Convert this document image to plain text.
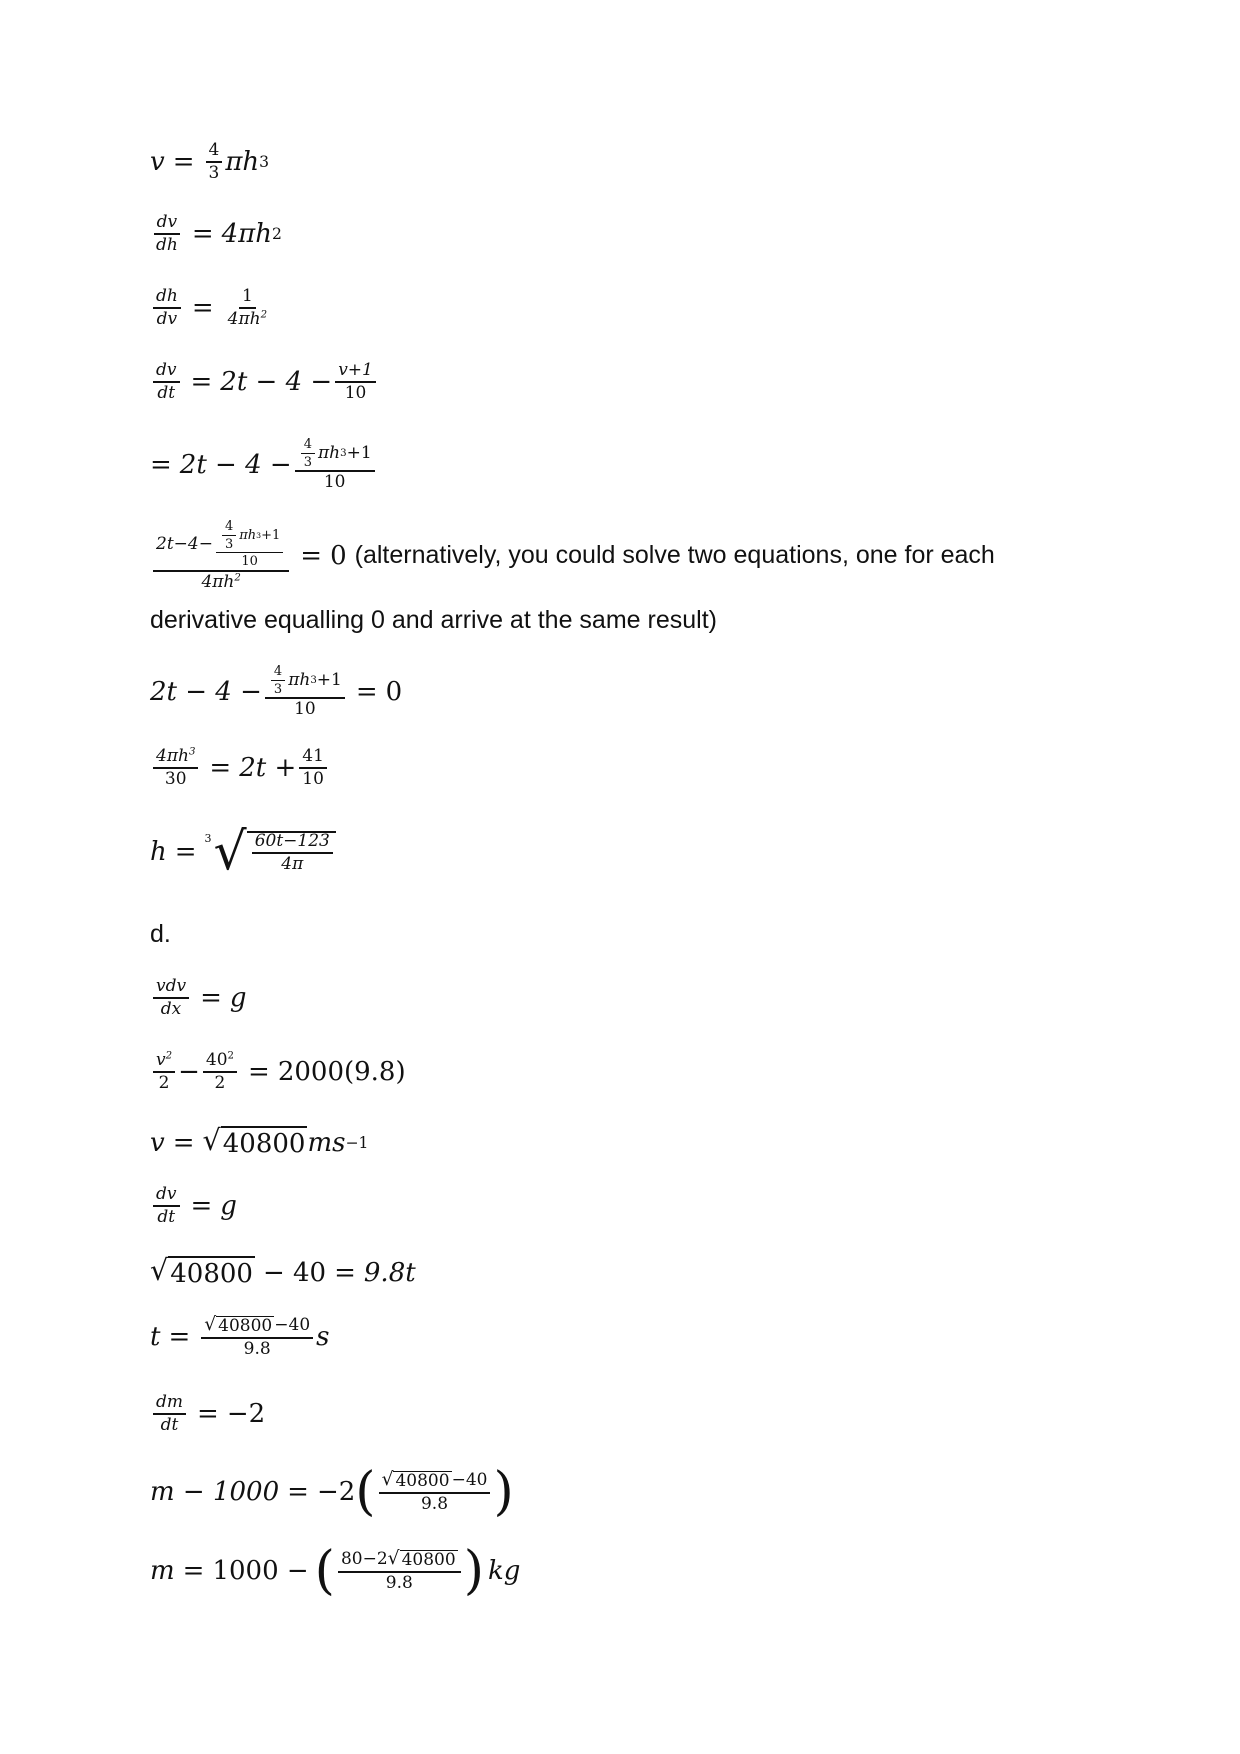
$v = \frac{4}{3}$ πh 3
$\frac{dv}{dh} = 4\pi h$ 2
$\frac{dh}{dv} = \frac{1}{4\pi h^2}$
$\frac{dv}{dt} = 2t - 4 - \frac{v+1}{10}$
= $2t - 4 - \frac{\frac{4}{3} \pi h 3 +1}{10}$
$2t-4- \frac{\frac{4}{3} \pi h 3 +1}{10}$
$4\pi h^2$
= 0 (alternatively, you could solve two equations, one for each
derivative equalling 0 and arrive at the same result)
$2t - 4 - \frac{\frac{4}{3} \pi h 3 +1}{10} = 0$
$\frac{4\pi h^3}{30} = 2t + \frac{41}{10}$
h = 3 √ $\frac{60t-123}{4\pi}$
d.
$\frac{\text{vdv}}{dx} = g$
$\frac{v^2}{2} - \frac{40^2}{2} = 2000(9.8)$
v = √ 40800 ms −1
$\frac{dv}{dt} = g$
√ 40800 − 40 = 9.8t
$t = \frac{√ 40800 -40}{9.8}$ s
$\frac{dm}{dt} = -2$
m − 1000 = −2 ( $\frac{√ 40800 -40}{9.8}$ )
m = 1000 − ( $\frac{80-2 √ 40800}{9.8}$ ) kg
